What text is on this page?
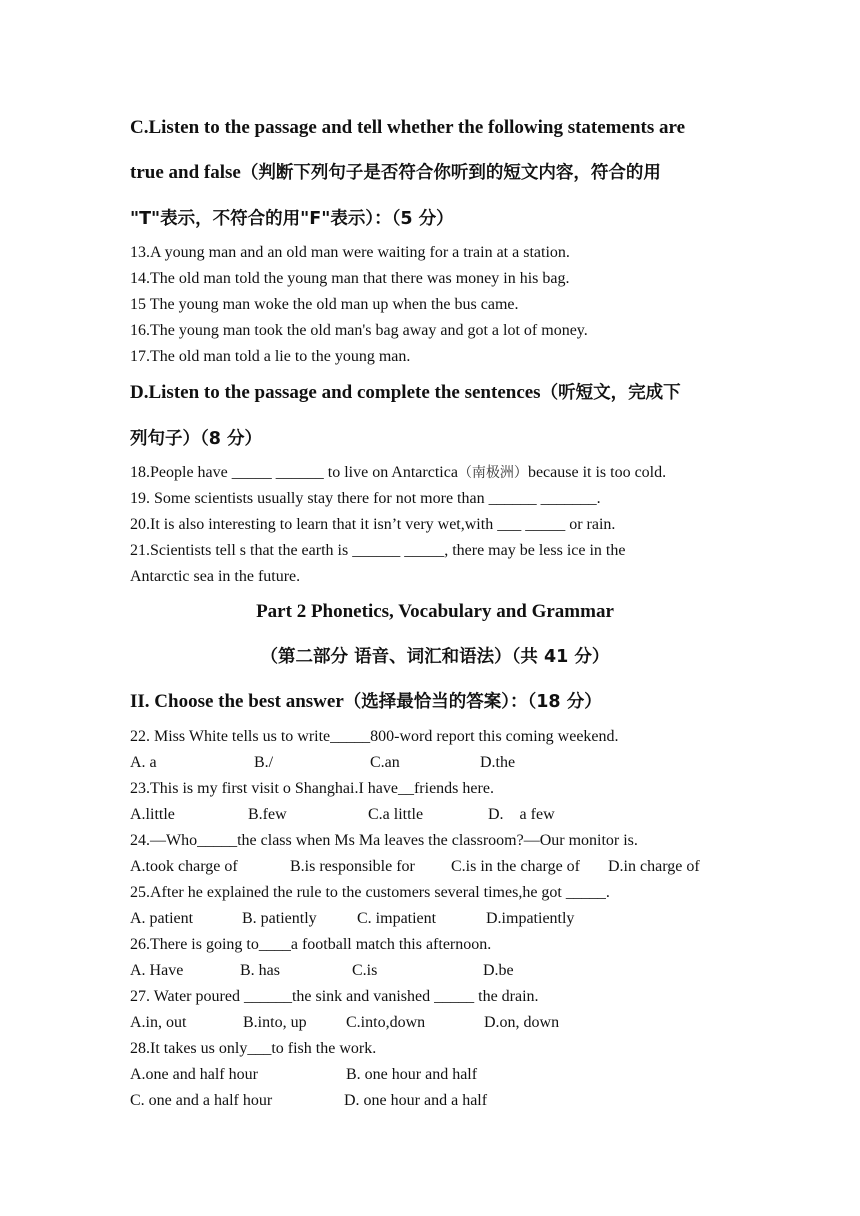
C.Listen to the passage and tell whether the following statements are
true and false（判断下列句子是否符合你听到的短文内容，符合的用
"T"表示，不符合的用"F"表示）：（5 分）
13.A young man and an old man were waiting for a train at a station.
14.The old man told the young man that there was money in his bag.
15 The young man woke the old man up when the bus came.
16.The young man took the old man's bag away and got a lot of money.
17.The old man told a lie to the young man.
D.Listen to the passage and complete the sentences（听短文，完成下
列句子）（8 分）
18.People have _____ ______ to live on Antarctica（南极洲）because it is too cold.
19. Some scientists usually stay there for not more than ______ _______.
20.It is also interesting to learn that it isn’t very wet,with ___ _____ or rain.
21.Scientists tell s that the earth is ______ _____, there may be less ice in the
Antarctic sea in the future.
Part 2 Phonetics, Vocabulary and Grammar
（第二部分 语音、词汇和语法）（共 41 分）
II. Choose the best answer（选择最恰当的答案）：（18 分）
22. Miss White tells us to write_____800-word report this coming weekend.
A. a	B./	C.an	D.the
23.This is my first visit o Shanghai.I have__friends here.
A.little	B.few	C.a little	D.    a few
24.—Who_____the class when Ms Ma leaves the classroom?—Our monitor is.
A.took charge of	B.is responsible for C.is in the charge of D.in charge of
25.After he explained the rule to the customers several times,he got _____.
A. patient	B. patiently	C. impatient	D.impatiently
26.There is going to____a football match this afternoon.
A. Have	B. has	C.is	D.be
27. Water poured ______the sink and vanished _____ the drain.
A.in, out	B.into, up C.into,down	D.on, down
28.It takes us only___to fish the work.
A.one and half hour	B. one hour and half
C. one and a half hour	D. one hour and a half
